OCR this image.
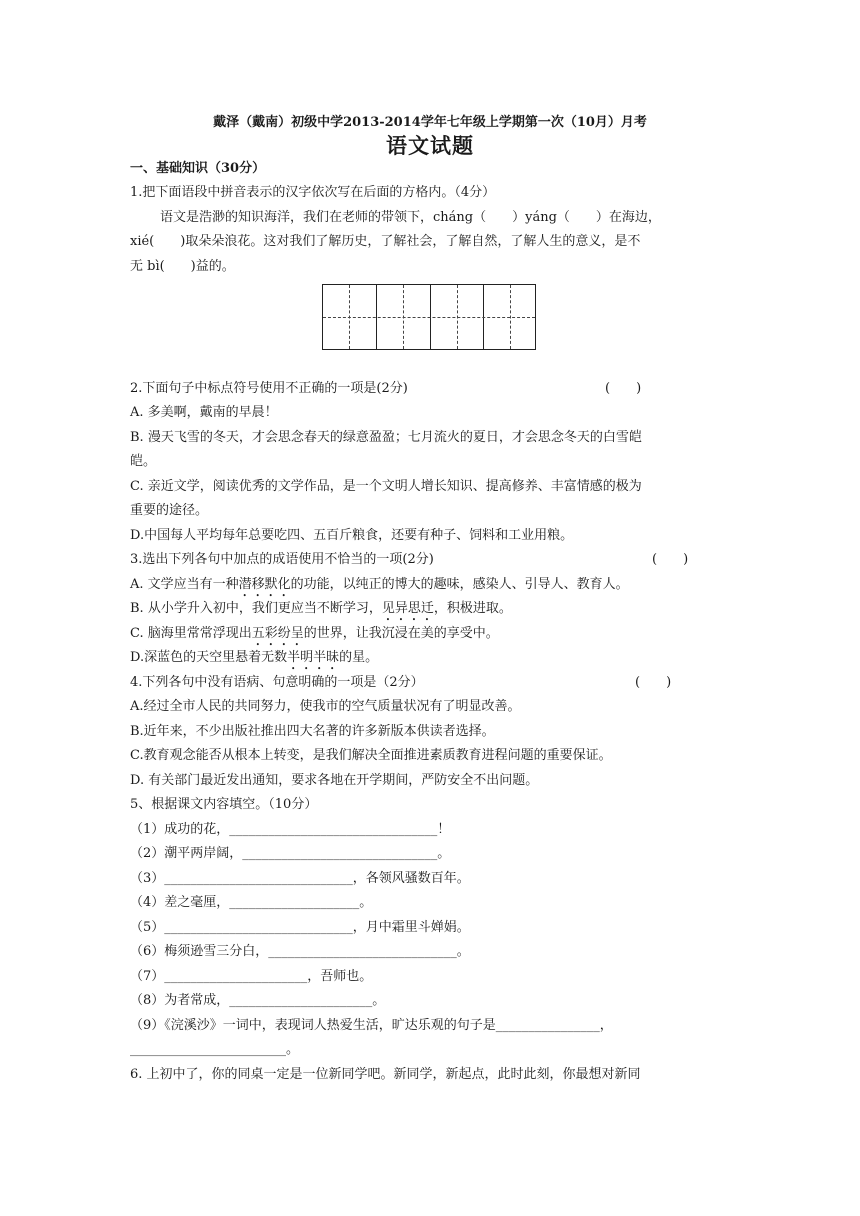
戴泽（戴南）初级中学2013-2014学年七年级上学期第一次（10月）月考
语文试题
一、基础知识（30分）
1.把下面语段中拼音表示的汉字依次写在后面的方格内。（4分）
语文是浩渺的知识海洋，我们在老师的带领下，cháng（　　）yáng（　　）在海边，
xié(　　)取朵朵浪花。这对我们了解历史，了解社会，了解自然，了解人生的意义，是不
无 bì(　　)益的。
2.下面句子中标点符号使用不正确的一项是(2分)	(　　)
A. 多美啊，戴南的早晨！
B. 漫天飞雪的冬天，才会思念春天的绿意盈盈；七月流火的夏日，才会思念冬天的白雪皑
皑。
C. 亲近文学，阅读优秀的文学作品，是一个文明人增长知识、提高修养、丰富情感的极为
重要的途径。
D.中国每人平均每年总要吃四、五百斤粮食，还要有种子、饲料和工业用粮。
3.选出下列各句中加点的成语使用不恰当的一项(2分)	(　　)
A. 文学应当有一种潜移默化的功能，以纯正的博大的趣味，感染人、引导人、教育人。
B. 从小学升入初中，我们更应当不断学习，见异思迁，积极进取。
C. 脑海里常常浮现出五彩纷呈的世界，让我沉浸在美的享受中。
D.深蓝色的天空里悬着无数半明半昧的星。
4.下列各句中没有语病、句意明确的一项是（2分）	(　　)
A.经过全市人民的共同努力，使我市的空气质量状况有了明显改善。
B.近年来，不少出版社推出四大名著的许多新版本供读者选择。
C.教育观念能否从根本上转变，是我们解决全面推进素质教育进程问题的重要保证。
D. 有关部门最近发出通知，要求各地在开学期间，严防安全不出问题。
5、根据课文内容填空。（10分）
（1）成功的花，________________________________！
（2）潮平两岸阔，______________________________。
（3）_____________________________，各领风骚数百年。
（4）差之毫厘，____________________。
（5）_____________________________，月中霜里斗婵娟。
（6）梅须逊雪三分白，_____________________________。
（7）______________________，吾师也。
（8）为者常成，______________________。
（9）《浣溪沙》一词中，表现词人热爱生活，旷达乐观的句子是________________，
________________________。
6. 上初中了，你的同桌一定是一位新同学吧。新同学，新起点，此时此刻，你最想对新同
